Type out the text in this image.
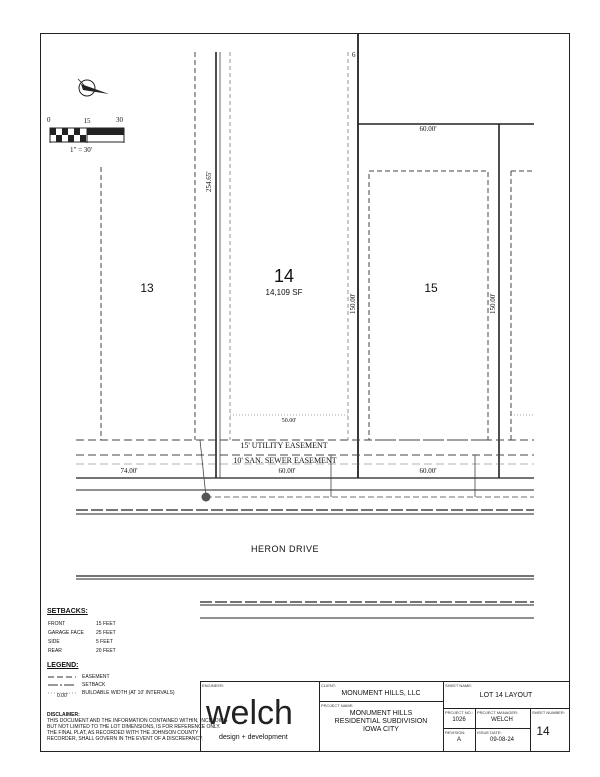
0	15	30
1" = 30'
13
14
14,109 SF	15
254.65'
60.00'
150.00'	150.00'
50.00'
74.00'	60.00'	60.00'
6
15' UTILITY EASEMENT
10' SAN. SEWER EASEMENT
HERON DRIVE
SETBACKS:
FRONT	15 FEET
GARAGE FACE 25 FEET
SIDE	5 FEET
REAR	20 FEET
LEGEND:
EASEMENT
SETBACK
0.00'	BUILDABLE WIDTH (AT 10' INTERVALS)
DISCLAIMER:
THIS DOCUMENT AND THE INFORMATION CONTAINED WITHIN, INCLUDING
BUT NOT LIMITED TO THE LOT DIMENSIONS, IS FOR REFERENCE ONLY.
THE FINAL PLAT, AS RECORDED WITH THE JOHNSON COUNTY
RECORDER, SHALL GOVERN IN THE EVENT OF A DISCREPANCY.
ENGINEER:
welch
design + development
CLIENT:
MONUMENT HILLS, LLC
PROJECT NAME:
MONUMENT HILLS
RESIDENTIAL SUBDIVISION
IOWA CITY
SHEET NAME:
LOT 14 LAYOUT
PROJECT NO.:
1026
PROJECT MANAGER:
WELCH
SHEET NUMBER:
14
REVISION:
A
ISSUE DATE:
09-08-24
